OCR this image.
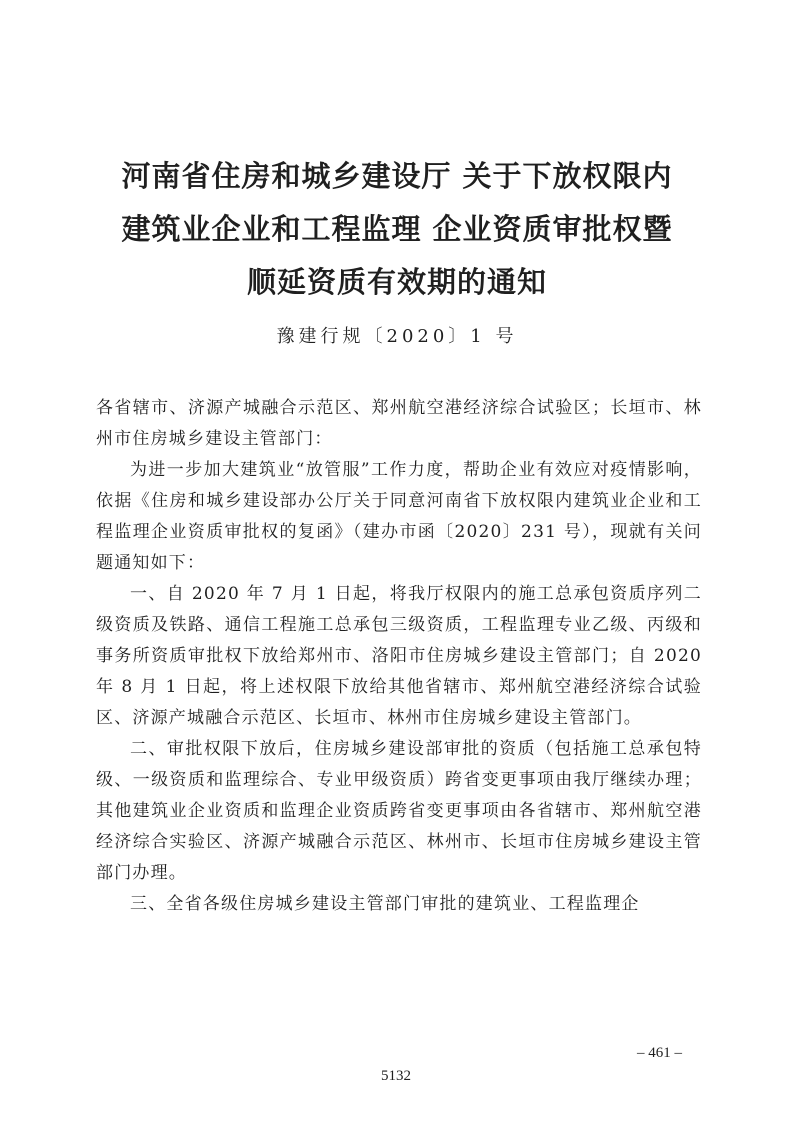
河南省住房和城乡建设厅 关于下放权限内
建筑业企业和工程监理 企业资质审批权暨
顺延资质有效期的通知
豫建行规〔2020〕1 号

各省辖市、济源产城融合示范区、郑州航空港经济综合试验区；长垣市、林州市住房城乡建设主管部门：

为进一步加大建筑业“放管服”工作力度，帮助企业有效应对疫情影响，依据《住房和城乡建设部办公厅关于同意河南省下放权限内建筑业企业和工程监理企业资质审批权的复函》（建办市函〔2020〕231 号），现就有关问题通知如下：

一、自 2020 年 7 月 1 日起，将我厅权限内的施工总承包资质序列二级资质及铁路、通信工程施工总承包三级资质，工程监理专业乙级、丙级和事务所资质审批权下放给郑州市、洛阳市住房城乡建设主管部门；自 2020 年 8 月 1 日起，将上述权限下放给其他省辖市、郑州航空港经济综合试验区、济源产城融合示范区、长垣市、林州市住房城乡建设主管部门。

二、审批权限下放后，住房城乡建设部审批的资质（包括施工总承包特级、一级资质和监理综合、专业甲级资质）跨省变更事项由我厅继续办理；其他建筑业企业资质和监理企业资质跨省变更事项由各省辖市、郑州航空港经济综合实验区、济源产城融合示范区、林州市、长垣市住房城乡建设主管部门办理。

三、全省各级住房城乡建设主管部门审批的建筑业、工程监理企

– 461 –
5132
